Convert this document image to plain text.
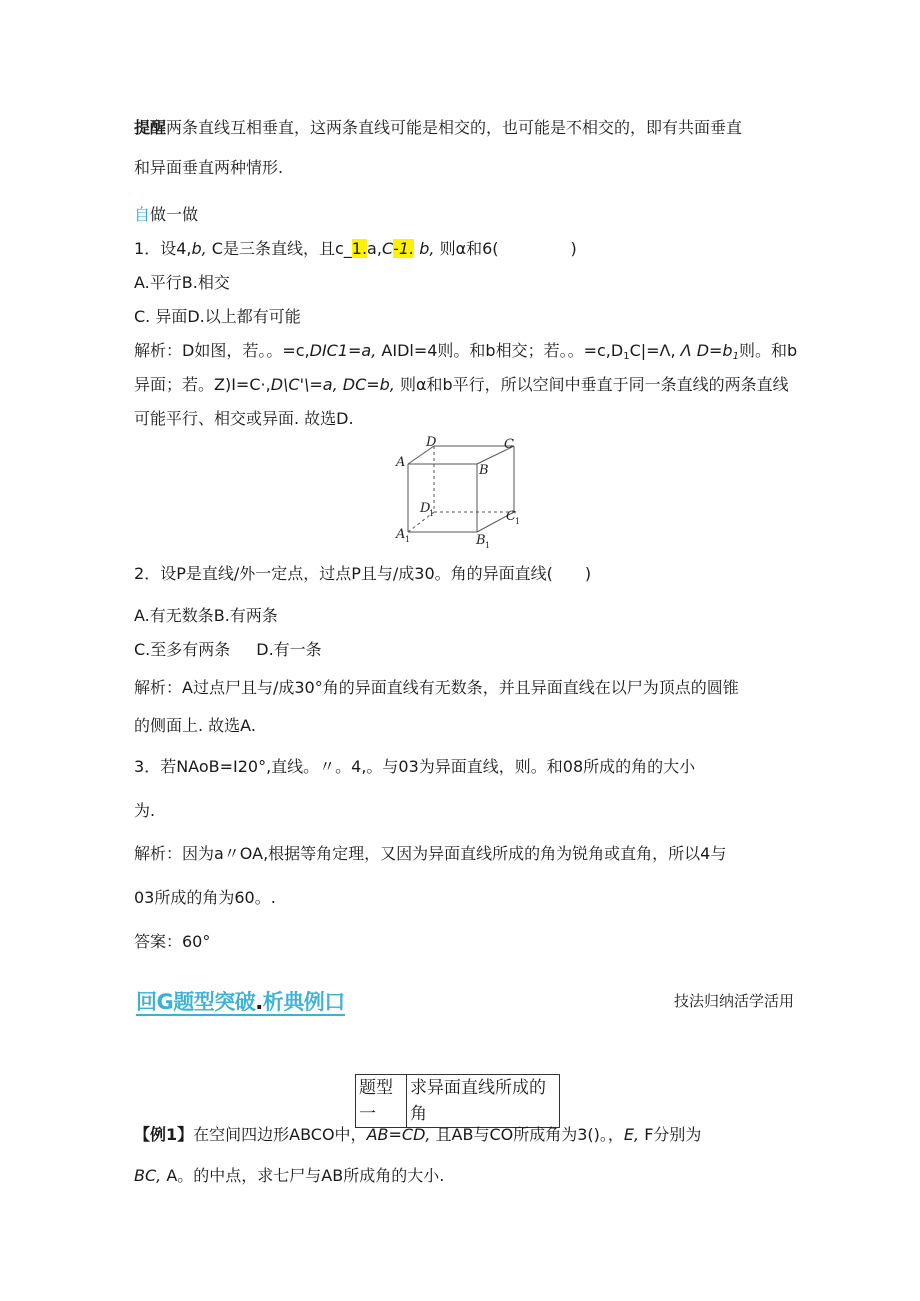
提醒两条直线互相垂直，这两条直线可能是相交的，也可能是不相交的，即有共面垂直
和异面垂直两种情形.
自做一做
1．设4,b, C是三条直线，且c_1.a,C-1. b, 则α和6(	)
A.平行B.相交
C. 异面D.以上都有可能
解析：D如图，若。。=c,DIC1=a, AIDl=4则。和b相交；若。。$=c,D_1C|=\Lambda$, Λ $D=b_1$则。和b
异面；若。Z)I=C·,D\C'\=a, DC=b, 则α和b平行，所以空间中垂直于同一条直线的两条直线
可能平行、相交或异面. 故选D.
D	C
A
B
D
1	C 1
A 1	B 1
2．设P是直线/外一定点，过点P且与/成30。角的异面直线(　　)
A.有无数条B.有两条
C.至多有两条 D.有一条
解析：A过点尸且与/成30°角的异面直线有无数条，并且异面直线在以尸为顶点的圆锥
的侧面上. 故选A.
3．若NAoB=I20°,直线。〃。4,。与03为异面直线，则。和08所成的角的大小
为.
解析：因为a〃OA,根据等角定理，又因为异面直线所成的角为锐角或直角，所以4与
03所成的角为60。.
答案：60°
回G题型突破.析典例口	技法归纳活学活用
题型一	求异面直线所成的角
【例1】在空间四边形ABCO中，AB=CD, 且AB与CO所成角为3()。，E, F分别为
BC, A。的中点，求七尸与AB所成角的大小.
